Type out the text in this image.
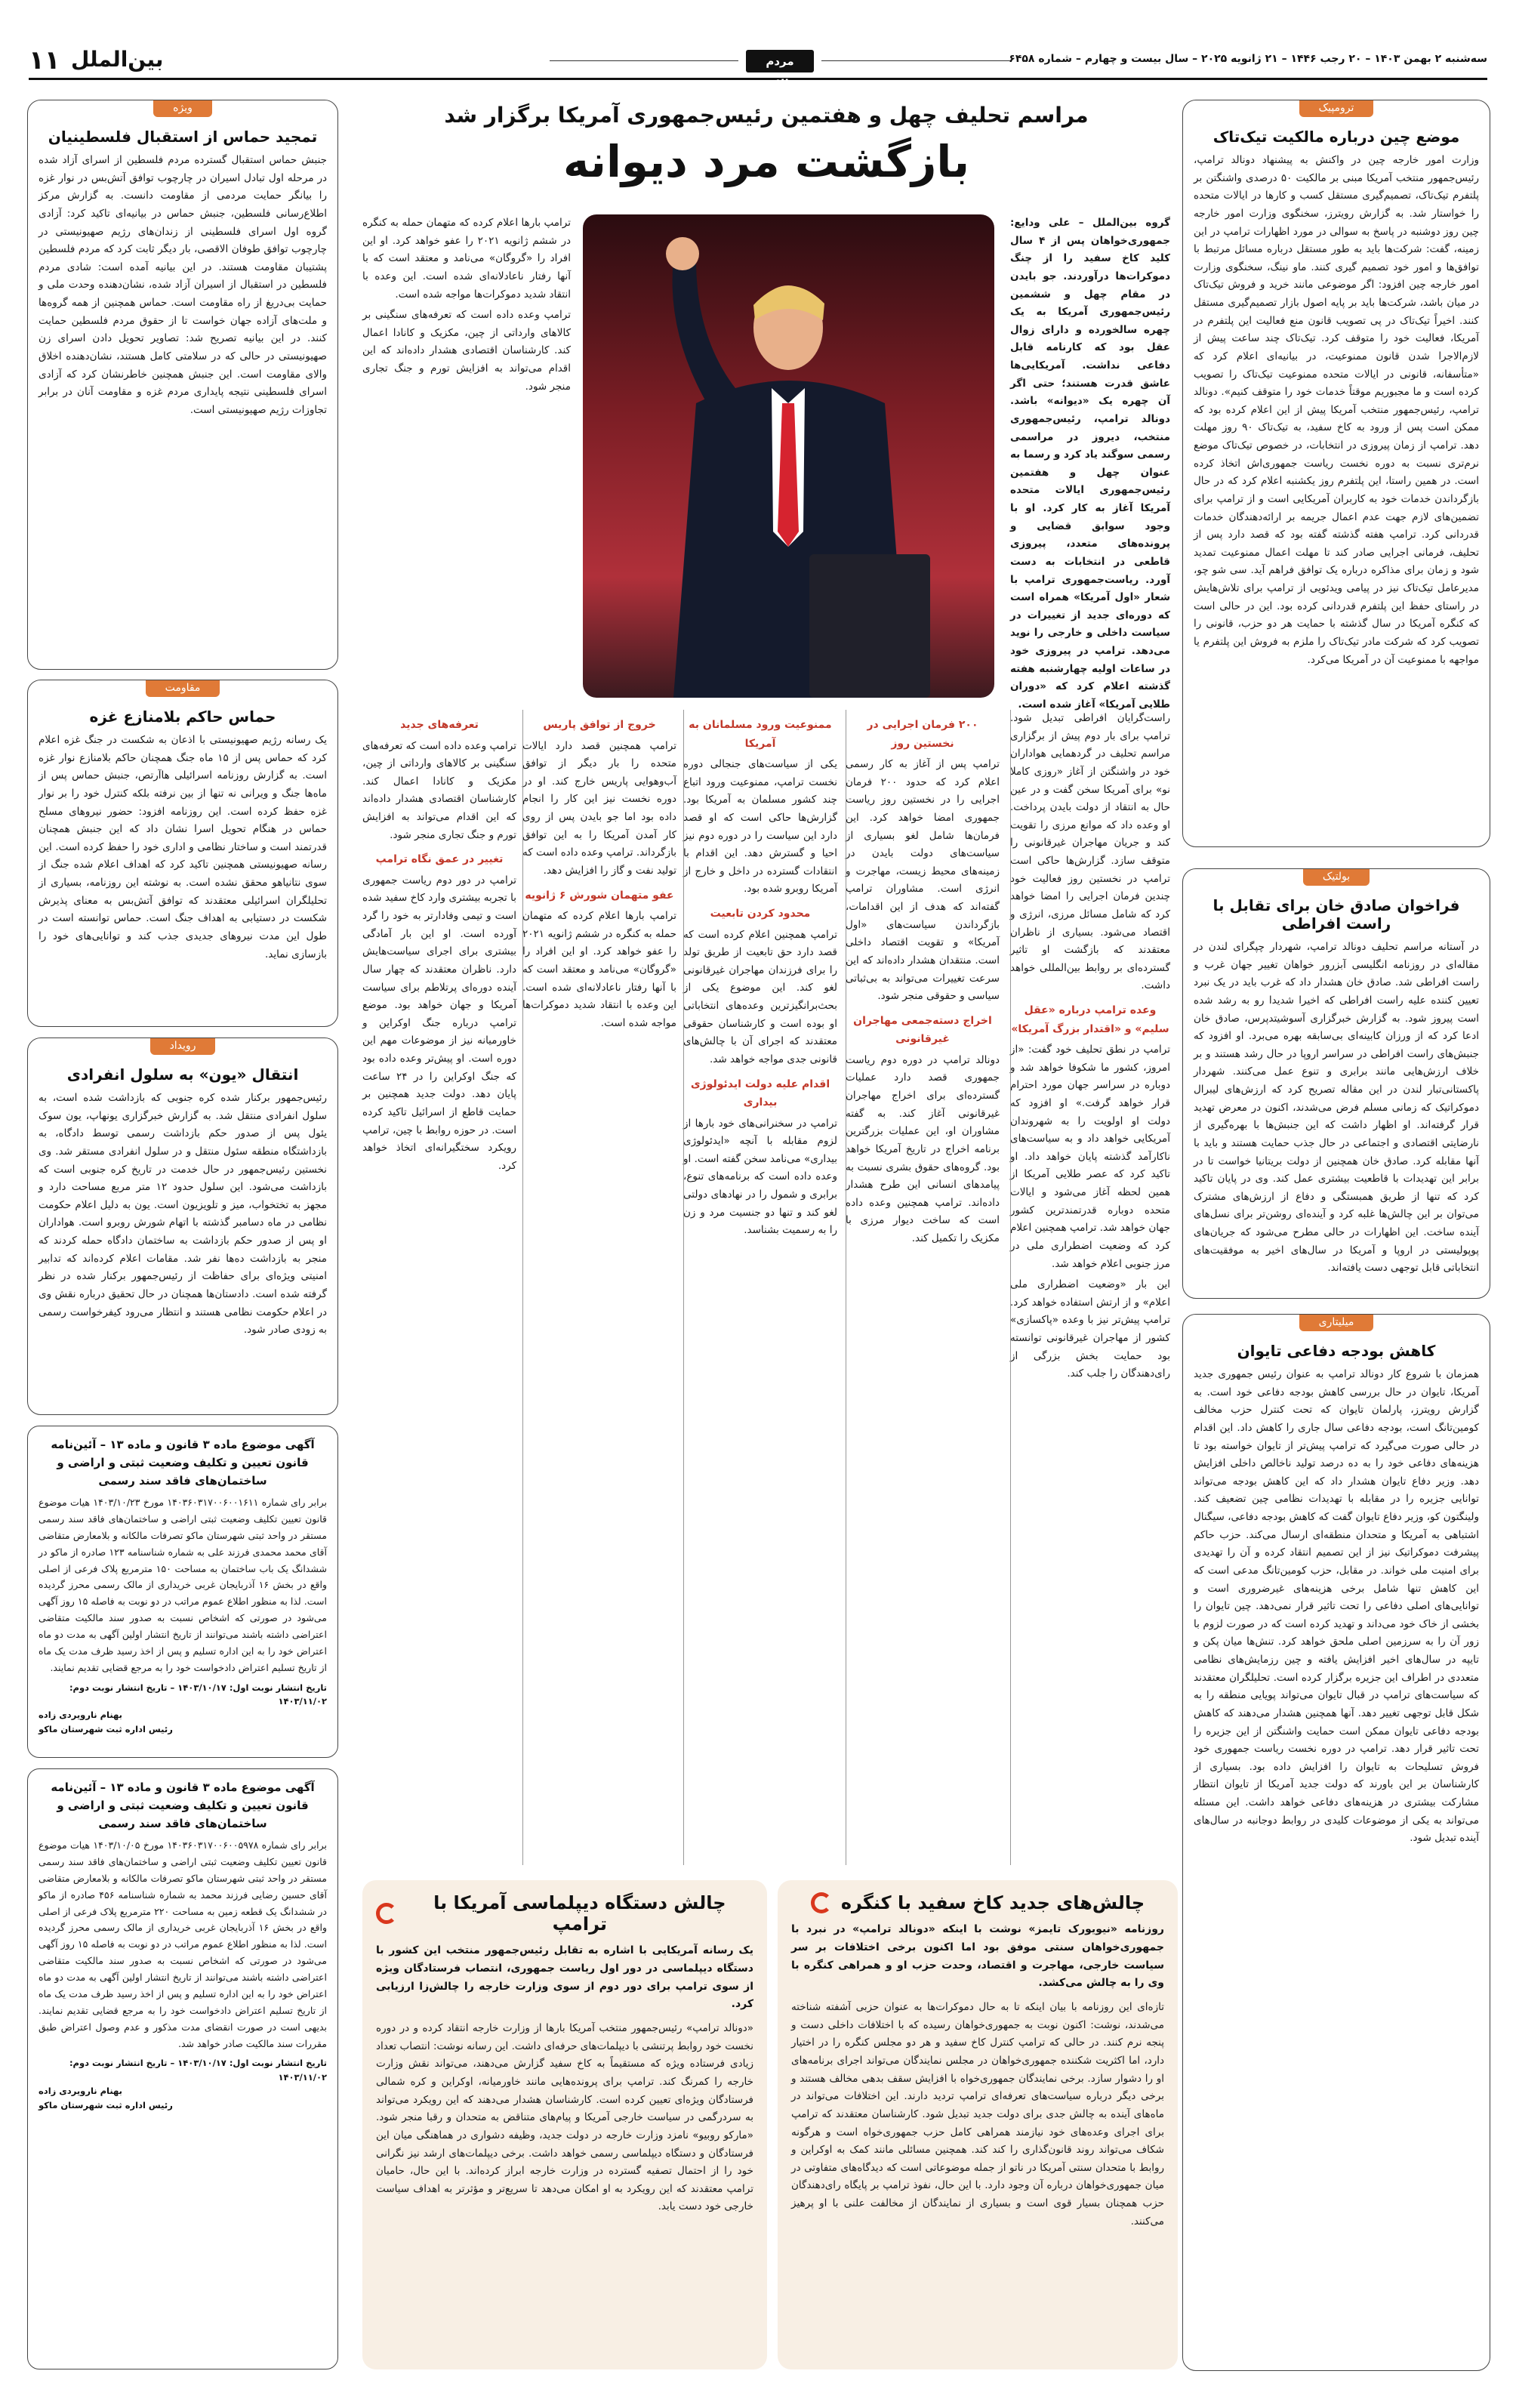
۱۱ بین‌الملل	مردم سالاری
سه‌شنبه ۲ بهمن ۱۴۰۳ – ۲۰ رجب ۱۴۴۶ – ۲۱ ژانویه ۲۰۲۵ – سال بیست و چهارم – شماره ۶۴۵۸
ترومپیک
موضع چین درباره مالکیت تیک‌تاک
وزارت امور خارجه چین در واکنش به پیشنهاد دونالد ترامپ، رئیس‌جمهور منتخب آمریکا مبنی بر مالکیت ۵۰ درصدی واشنگتن بر پلتفرم تیک‌تاک، تصمیم‌گیری مستقل کسب و کارها در ایالات متحده را خواستار شد. به گزارش رویترز، سخنگوی وزارت امور خارجه چین روز دوشنبه در پاسخ به سوالی در مورد اظهارات ترامپ در این زمینه، گفت: شرکت‌ها باید به طور مستقل درباره مسائل مرتبط با توافق‌ها و امور خود تصمیم گیری کنند. ماو نینگ، سخنگوی وزارت امور خارجه چین افزود: اگر موضوعی مانند خرید و فروش تیک‌تاک در میان باشد، شرکت‌ها باید بر پایه اصول بازار تصمیم‌گیری مستقل کنند. اخیراً تیک‌تاک در پی تصویب قانون منع فعالیت این پلتفرم در آمریکا، فعالیت خود را متوقف کرد. تیک‌تاک چند ساعت پیش از لازم‌الاجرا شدن قانون ممنوعیت، در بیانیه‌ای اعلام کرد که «متأسفانه، قانونی در ایالات متحده ممنوعیت تیک‌تاک را تصویب کرده است و ما مجبوریم موقتاً خدمات خود را متوقف کنیم». دونالد ترامپ، رئیس‌جمهور منتخب آمریکا پیش از این اعلام کرده بود که ممکن است پس از ورود به کاخ سفید، به تیک‌تاک ۹۰ روز مهلت دهد. ترامپ از زمان پیروزی در انتخابات، در خصوص تیک‌تاک موضع نرم‌تری نسبت به دوره نخست ریاست جمهوری‌اش اتخاذ کرده است. در همین راستا، این پلتفرم روز یکشنبه اعلام کرد که در حال بازگرداندن خدمات خود به کاربران آمریکایی است و از ترامپ برای تضمین‌های لازم جهت عدم اعمال جریمه بر ارائه‌دهندگان خدمات قدردانی کرد. ترامپ هفته گذشته گفته بود که قصد دارد پس از تحلیف، فرمانی اجرایی صادر کند تا مهلت اعمال ممنوعیت تمدید شود و زمان برای مذاکره درباره یک توافق فراهم آید. سی شو چو، مدیرعامل تیک‌تاک نیز در پیامی ویدئویی از ترامپ برای تلاش‌هایش در راستای حفظ این پلتفرم قدردانی کرده بود. این در حالی است که کنگره آمریکا در سال گذشته با حمایت هر دو حزب، قانونی را تصویب کرد که شرکت مادر تیک‌تاک را ملزم به فروش این پلتفرم یا مواجهه با ممنوعیت آن در آمریکا می‌کرد.
بولتیک
فراخوان صادق خان برای تقابل با راست افراطی
در آستانه مراسم تحلیف دونالد ترامپ، شهردار چپگرای لندن در مقاله‌ای در روزنامه انگلیسی آبزرور خواهان تغییر جهان غرب و راست افراطی شد. صادق خان هشدار داد که غرب باید در یک نبرد تعیین کننده علیه راست افراطی که اخیرا شدیدا رو به رشد شده است پیروز شود. به گزارش خبرگزاری آسوشیتدپرس، صادق خان ادعا کرد که از ورزان کابینه‌ای بی‌سابقه بهره می‌برد. او افزود که جنبش‌های راست افراطی در سراسر اروپا در حال رشد هستند و بر خلاف ارزش‌هایی مانند برابری و تنوع عمل می‌کنند. شهردار پاکستانی‌تبار لندن در این مقاله تصریح کرد که ارزش‌های لیبرال دموکراتیک که زمانی مسلم فرض می‌شدند، اکنون در معرض تهدید قرار گرفته‌اند. او اظهار داشت که این جنبش‌ها با بهره‌گیری از نارضایتی اقتصادی و اجتماعی در حال جذب حمایت هستند و باید با آنها مقابله کرد. صادق خان همچنین از دولت بریتانیا خواست تا در برابر این تهدیدات با قاطعیت بیشتری عمل کند. وی در پایان تاکید کرد که تنها از طریق همبستگی و دفاع از ارزش‌های مشترک می‌توان بر این چالش‌ها غلبه کرد و آینده‌ای روشن‌تر برای نسل‌های آینده ساخت. این اظهارات در حالی مطرح می‌شود که جریان‌های پوپولیستی در اروپا و آمریکا در سال‌های اخیر به موفقیت‌های انتخاباتی قابل توجهی دست یافته‌اند.
میلیتاری
کاهش بودجه دفاعی تایوان
همزمان با شروع کار دونالد ترامپ به عنوان رئیس جمهوری جدید آمریکا، تایوان در حال بررسی کاهش بودجه دفاعی خود است. به گزارش رویترز، پارلمان تایوان که تحت کنترل حزب مخالف کومین‌تانگ است، بودجه دفاعی سال جاری را کاهش داد. این اقدام در حالی صورت می‌گیرد که ترامپ پیش‌تر از تایوان خواسته بود تا هزینه‌های دفاعی خود را به ده درصد تولید ناخالص داخلی افزایش دهد. وزیر دفاع تایوان هشدار داد که این کاهش بودجه می‌تواند توانایی جزیره را در مقابله با تهدیدات نظامی چین تضعیف کند. ولینگتون کو، وزیر دفاع تایوان گفت که کاهش بودجه دفاعی، سیگنال اشتباهی به آمریکا و متحدان منطقه‌ای ارسال می‌کند. حزب حاکم پیشرفت دموکراتیک نیز از این تصمیم انتقاد کرده و آن را تهدیدی برای امنیت ملی خواند. در مقابل، حزب کومین‌تانگ مدعی است که این کاهش تنها شامل برخی هزینه‌های غیرضروری است و توانایی‌های اصلی دفاعی را تحت تاثیر قرار نمی‌دهد. چین تایوان را بخشی از خاک خود می‌داند و تهدید کرده است که در صورت لزوم با زور آن را به سرزمین اصلی ملحق خواهد کرد. تنش‌ها میان پکن و تایپه در سال‌های اخیر افزایش یافته و چین رزمایش‌های نظامی متعددی در اطراف این جزیره برگزار کرده است. تحلیلگران معتقدند که سیاست‌های ترامپ در قبال تایوان می‌تواند پویایی منطقه را به شکل قابل توجهی تغییر دهد. آنها همچنین هشدار می‌دهند که کاهش بودجه دفاعی تایوان ممکن است حمایت واشنگتن از این جزیره را تحت تاثیر قرار دهد. ترامپ در دوره نخست ریاست جمهوری خود فروش تسلیحات به تایوان را افزایش داده بود. بسیاری از کارشناسان بر این باورند که دولت جدید آمریکا از تایوان انتظار مشارکت بیشتری در هزینه‌های دفاعی خواهد داشت. این مسئله می‌تواند به یکی از موضوعات کلیدی در روابط دوجانبه در سال‌های آینده تبدیل شود.
مراسم تحلیف چهل و هفتمین رئیس‌جمهوری آمریکا برگزار شد
بازگشت مرد دیوانه

گروه بین‌الملل – علی ودایع: جمهوری‌خواهان پس از ۴ سال کلید کاخ سفید را از چنگ دموکرات‌ها درآوردند. جو بایدن در مقام چهل و ششمین رئیس‌جمهوری آمریکا به یک چهره سالخورده و دارای زوال عقل بود که کارنامه قابل دفاعی نداشت. آمریکایی‌ها عاشق قدرت هستند؛ حتی اگر آن چهره یک «دیوانه» باشد. دونالد ترامپ، رئیس‌جمهوری منتخب، دیروز در مراسمی رسمی سوگند یاد کرد و رسما به عنوان چهل و هفتمین رئیس‌جمهوری ایالات متحده آمریکا آغاز به کار کرد. او با وجود سوابق قضایی و پرونده‌های متعدد، پیروزی قاطعی در انتخابات به دست آورد. ریاست‌جمهوری ترامپ با شعار «اول آمریکا» همراه است که دوره‌ای جدید از تغییرات در سیاست داخلی و خارجی را نوید می‌دهد. ترامپ در پیروزی خود در ساعات اولیه چهارشنبه هفته گذشته اعلام کرد که «دوران طلایی آمریکا» آغاز شده است.

ترامپ بارها اعلام کرده که متهمان حمله به کنگره در ششم ژانویه ۲۰۲۱ را عفو خواهد کرد. او این افراد را «گروگان» می‌نامد و معتقد است که با آنها رفتار ناعادلانه‌ای شده است. این وعده با انتقاد شدید دموکرات‌ها مواجه شده است.

ترامپ وعده داده است که تعرفه‌های سنگینی بر کالاهای وارداتی از چین، مکزیک و کانادا اعمال کند. کارشناسان اقتصادی هشدار داده‌اند که این اقدام می‌تواند به افزایش تورم و جنگ تجاری منجر شود.

راست‌گرایان افراطی تبدیل شود. ترامپ برای بار دوم پیش از برگزاری مراسم تحلیف در گردهمایی هواداران خود در واشنگتن از آغاز «روزی کاملا نو» برای آمریکا سخن گفت و در عین حال به انتقاد از دولت بایدن پرداخت. او وعده داد که موانع مرزی را تقویت کند و جریان مهاجران غیرقانونی را متوقف سازد. گزارش‌ها حاکی است ترامپ در نخستین روز فعالیت خود چندین فرمان اجرایی را امضا خواهد کرد که شامل مسائل مرزی، انرژی و اقتصاد می‌شود. بسیاری از ناظران معتقدند که بازگشت او تاثیر گسترده‌ای بر روابط بین‌المللی خواهد داشت.

وعده ترامپ درباره «عقل سلیم» و «اقتدار بزرگ آمریکا»

ترامپ در نطق تحلیف خود گفت: «از امروز، کشور ما شکوفا خواهد شد و دوباره در سراسر جهان مورد احترام قرار خواهد گرفت.» او افزود که دولت او اولویت را به شهروندان آمریکایی خواهد داد و به سیاست‌های ناکارآمد گذشته پایان خواهد داد. او تاکید کرد که عصر طلایی آمریکا از همین لحظه آغاز می‌شود و ایالات متحده دوباره قدرتمندترین کشور جهان خواهد شد. ترامپ همچنین اعلام کرد که وضعیت اضطراری ملی در مرز جنوبی اعلام خواهد شد.

این بار «وضعیت اضطراری ملی اعلام» و از ارتش استفاده خواهد کرد. ترامپ پیش‌تر نیز با وعده «پاکسازی» کشور از مهاجران غیرقانونی توانسته بود حمایت بخش بزرگی از رای‌دهندگان را جلب کند.

۲۰۰ فرمان اجرایی در نخستین روز

ترامپ پس از آغاز به کار رسمی اعلام کرد که حدود ۲۰۰ فرمان اجرایی را در نخستین روز ریاست جمهوری امضا خواهد کرد. این فرمان‌ها شامل لغو بسیاری از سیاست‌های دولت بایدن در زمینه‌های محیط زیست، مهاجرت و انرژی است. مشاوران ترامپ گفته‌اند که هدف از این اقدامات، بازگرداندن سیاست‌های «اول آمریکا» و تقویت اقتصاد داخلی است. منتقدان هشدار داده‌اند که این سرعت تغییرات می‌تواند به بی‌ثباتی سیاسی و حقوقی منجر شود.

اخراج دسته‌جمعی مهاجران غیرقانونی

دونالد ترامپ در دوره دوم ریاست جمهوری قصد دارد عملیات گسترده‌ای برای اخراج مهاجران غیرقانونی آغاز کند. به گفته مشاوران او، این عملیات بزرگترین برنامه اخراج در تاریخ آمریکا خواهد بود. گروه‌های حقوق بشری نسبت به پیامدهای انسانی این طرح هشدار داده‌اند. ترامپ همچنین وعده داده است که ساخت دیوار مرزی با مکزیک را تکمیل کند.

ممنوعیت ورود مسلمانان به آمریکا

یکی از سیاست‌های جنجالی دوره نخست ترامپ، ممنوعیت ورود اتباع چند کشور مسلمان به آمریکا بود. گزارش‌ها حاکی است که او قصد دارد این سیاست را در دوره دوم نیز احیا و گسترش دهد. این اقدام با انتقادات گسترده در داخل و خارج از آمریکا روبرو شده بود.

محدود کردن تابعیت

ترامپ همچنین اعلام کرده است که قصد دارد حق تابعیت از طریق تولد را برای فرزندان مهاجران غیرقانونی لغو کند. این موضوع یکی از بحث‌برانگیزترین وعده‌های انتخاباتی او بوده است و کارشناسان حقوقی معتقدند که اجرای آن با چالش‌های قانونی جدی مواجه خواهد شد.

اقدام علیه دولت ایدئولوژی بیداری

ترامپ در سخنرانی‌های خود بارها از لزوم مقابله با آنچه «ایدئولوژی بیداری» می‌نامد سخن گفته است. او وعده داده است که برنامه‌های تنوع، برابری و شمول را در نهادهای دولتی لغو کند و تنها دو جنسیت مرد و زن را به رسمیت بشناسد.

خروج از توافق پاریس

ترامپ همچنین قصد دارد ایالات متحده را بار دیگر از توافق آب‌وهوایی پاریس خارج کند. او در دوره نخست نیز این کار را انجام داده بود اما جو بایدن پس از روی کار آمدن آمریکا را به این توافق بازگرداند. ترامپ وعده داده است که تولید نفت و گاز را افزایش دهد.

عفو متهمان شورش ۶ ژانویه

ترامپ بارها اعلام کرده که متهمان حمله به کنگره در ششم ژانویه ۲۰۲۱ را عفو خواهد کرد. او این افراد را «گروگان» می‌نامد و معتقد است که با آنها رفتار ناعادلانه‌ای شده است. این وعده با انتقاد شدید دموکرات‌ها مواجه شده است.

تعرفه‌های جدید

ترامپ وعده داده است که تعرفه‌های سنگینی بر کالاهای وارداتی از چین، مکزیک و کانادا اعمال کند. کارشناسان اقتصادی هشدار داده‌اند که این اقدام می‌تواند به افزایش تورم و جنگ تجاری منجر شود.

تغییر در عمق نگاه ترامپ

ترامپ در دور دوم ریاست جمهوری با تجربه بیشتری وارد کاخ سفید شده است و تیمی وفادارتر به خود را گرد آورده است. او این بار آمادگی بیشتری برای اجرای سیاست‌هایش دارد. ناظران معتقدند که چهار سال آینده دوره‌ای پرتلاطم برای سیاست آمریکا و جهان خواهد بود. موضع ترامپ درباره جنگ اوکراین و خاورمیانه نیز از موضوعات مهم این دوره است. او پیش‌تر وعده داده بود که جنگ اوکراین را در ۲۴ ساعت پایان دهد. دولت جدید همچنین بر حمایت قاطع از اسرائیل تاکید کرده است. در حوزه روابط با چین، ترامپ رویکرد سختگیرانه‌ای اتخاذ خواهد کرد.

ویژه
تمجید حماس از استقبال فلسطینیان
جنبش حماس استقبال گسترده مردم فلسطین از اسرای آزاد شده در مرحله اول تبادل اسیران در چارچوب توافق آتش‌بس در نوار غزه را بیانگر حمایت مردمی از مقاومت دانست. به گزارش مرکز اطلاع‌رسانی فلسطین، جنبش حماس در بیانیه‌ای تاکید کرد: آزادی گروه اول اسرای فلسطینی از زندان‌های رژیم صهیونیستی در چارچوب توافق طوفان الاقصی، بار دیگر ثابت کرد که مردم فلسطین پشتیبان مقاومت هستند. در این بیانیه آمده است: شادی مردم فلسطین در استقبال از اسیران آزاد شده، نشان‌دهنده وحدت ملی و حمایت بی‌دریغ از راه مقاومت است. حماس همچنین از همه گروه‌ها و ملت‌های آزاده جهان خواست تا از حقوق مردم فلسطین حمایت کنند. در این بیانیه تصریح شد: تصاویر تحویل دادن اسرای زن صهیونیستی در حالی که در سلامتی کامل هستند، نشان‌دهنده اخلاق والای مقاومت است. این جنبش همچنین خاطرنشان کرد که آزادی اسرای فلسطینی نتیجه پایداری مردم غزه و مقاومت آنان در برابر تجاوزات رژیم صهیونیستی است.
مقاومت
حماس حاکم بلامنازع غزه
یک رسانه رژیم صهیونیستی با اذعان به شکست در جنگ غزه اعلام کرد که حماس پس از ۱۵ ماه جنگ همچنان حاکم بلامنازع نوار غزه است. به گزارش روزنامه اسرائیلی هاآرتص، جنبش حماس پس از ماه‌ها جنگ و ویرانی نه تنها از بین نرفته بلکه کنترل خود را بر نوار غزه حفظ کرده است. این روزنامه افزود: حضور نیروهای مسلح حماس در هنگام تحویل اسرا نشان داد که این جنبش همچنان قدرتمند است و ساختار نظامی و اداری خود را حفظ کرده است. این رسانه صهیونیستی همچنین تاکید کرد که اهداف اعلام شده جنگ از سوی نتانیاهو محقق نشده است. به نوشته این روزنامه، بسیاری از تحلیلگران اسرائیلی معتقدند که توافق آتش‌بس به معنای پذیرش شکست در دستیابی به اهداف جنگ است. حماس توانسته است در طول این مدت نیروهای جدیدی جذب کند و توانایی‌های خود را بازسازی نماید.
رویداد
انتقال «یون» به سلول انفرادی
رئیس‌جمهور برکنار شده کره جنوبی که بازداشت شده است، به سلول انفرادی منتقل شد. به گزارش خبرگزاری یونهاپ، یون سوک یئول پس از صدور حکم بازداشت رسمی توسط دادگاه، به بازداشتگاه منطقه سئول منتقل و در سلول انفرادی مستقر شد. وی نخستین رئیس‌جمهور در حال خدمت در تاریخ کره جنوبی است که بازداشت می‌شود. این سلول حدود ۱۲ متر مربع مساحت دارد و مجهز به تختخواب، میز و تلویزیون است. یون به دلیل اعلام حکومت نظامی در ماه دسامبر گذشته با اتهام شورش روبرو است. هواداران او پس از صدور حکم بازداشت به ساختمان دادگاه حمله کردند که منجر به بازداشت ده‌ها نفر شد. مقامات اعلام کرده‌اند که تدابیر امنیتی ویژه‌ای برای حفاظت از رئیس‌جمهور برکنار شده در نظر گرفته شده است. دادستان‌ها همچنان در حال تحقیق درباره نقش وی در اعلام حکومت نظامی هستند و انتظار می‌رود کیفرخواست رسمی به زودی صادر شود.
آگهی موضوع ماده ۳ قانون و ماده ۱۳ – آئین‌نامه قانون تعیین و تکلیف وضعیت ثبتی و اراضی و ساختمان‌های فاقد سند رسمی
برابر رای شماره ۱۴۰۳۶۰۳۱۷۰۰۶۰۰۱۶۱۱ مورخ ۱۴۰۳/۱۰/۲۳ هیات موضوع قانون تعیین تکلیف وضعیت ثبتی اراضی و ساختمان‌های فاقد سند رسمی مستقر در واحد ثبتی شهرستان ماکو تصرفات مالکانه و بلامعارض متقاضی آقای محمد محمدی فرزند علی به شماره شناسنامه ۱۲۳ صادره از ماکو در ششدانگ یک باب ساختمان به مساحت ۱۵۰ مترمربع پلاک فرعی از اصلی واقع در بخش ۱۶ آذربایجان غربی خریداری از مالک رسمی محرز گردیده است. لذا به منظور اطلاع عموم مراتب در دو نوبت به فاصله ۱۵ روز آگهی می‌شود در صورتی که اشخاص نسبت به صدور سند مالکیت متقاضی اعتراضی داشته باشند می‌توانند از تاریخ انتشار اولین آگهی به مدت دو ماه اعتراض خود را به این اداره تسلیم و پس از اخذ رسید ظرف مدت یک ماه از تاریخ تسلیم اعتراض دادخواست خود را به مرجع قضایی تقدیم نمایند.
تاریخ انتشار نوبت اول: ۱۴۰۳/۱۰/۱۷ – تاریخ انتشار نوبت دوم: ۱۴۰۳/۱۱/۰۲
بهنام نارویردی زاده
رئیس اداره ثبت شهرستان ماکو
آگهی موضوع ماده ۳ قانون و ماده ۱۳ – آئین‌نامه قانون تعیین و تکلیف وضعیت ثبتی و اراضی و ساختمان‌های فاقد سند رسمی
برابر رای شماره ۱۴۰۳۶۰۳۱۷۰۰۶۰۰۵۹۷۸ مورخ ۱۴۰۳/۱۰/۰۵ هیات موضوع قانون تعیین تکلیف وضعیت ثبتی اراضی و ساختمان‌های فاقد سند رسمی مستقر در واحد ثبتی شهرستان ماکو تصرفات مالکانه و بلامعارض متقاضی آقای حسین رضایی فرزند محمد به شماره شناسنامه ۴۵۶ صادره از ماکو در ششدانگ یک قطعه زمین به مساحت ۲۲۰ مترمربع پلاک فرعی از اصلی واقع در بخش ۱۶ آذربایجان غربی خریداری از مالک رسمی محرز گردیده است. لذا به منظور اطلاع عموم مراتب در دو نوبت به فاصله ۱۵ روز آگهی می‌شود در صورتی که اشخاص نسبت به صدور سند مالکیت متقاضی اعتراضی داشته باشند می‌توانند از تاریخ انتشار اولین آگهی به مدت دو ماه اعتراض خود را به این اداره تسلیم و پس از اخذ رسید ظرف مدت یک ماه از تاریخ تسلیم اعتراض دادخواست خود را به مرجع قضایی تقدیم نمایند. بدیهی است در صورت انقضای مدت مذکور و عدم وصول اعتراض طبق مقررات سند مالکیت صادر خواهد شد.
تاریخ انتشار نوبت اول: ۱۴۰۳/۱۰/۱۷ – تاریخ انتشار نوبت دوم: ۱۴۰۳/۱۱/۰۲
بهنام نارویردی زاده
رئیس اداره ثبت شهرستان ماکو
چالش‌های جدید کاخ سفید با کنگره
روزنامه «نیویورک تایمز» نوشت با اینکه «دونالد ترامپ» در نبرد با جمهوری‌خواهان سنتی موفق بود اما اکنون برخی اختلافات بر سر سیاست خارجی، مهاجرت و اقتصاد، وحدت حزب او و همراهی کنگره با وی را به چالش می‌کشد.
تازه‌ای این روزنامه با بیان اینکه تا به حال دموکرات‌ها به عنوان حزبی آشفته شناخته می‌شدند، نوشت: اکنون نوبت به جمهوری‌خواهان رسیده که با اختلافات داخلی دست و پنجه نرم کنند. در حالی که ترامپ کنترل کاخ سفید و هر دو مجلس کنگره را در اختیار دارد، اما اکثریت شکننده جمهوری‌خواهان در مجلس نمایندگان می‌تواند اجرای برنامه‌های او را دشوار سازد. برخی نمایندگان جمهوری‌خواه با افزایش سقف بدهی مخالف هستند و برخی دیگر درباره سیاست‌های تعرفه‌ای ترامپ تردید دارند. این اختلافات می‌تواند در ماه‌های آینده به چالش جدی برای دولت جدید تبدیل شود. کارشناسان معتقدند که ترامپ برای اجرای وعده‌های خود نیازمند همراهی کامل حزب جمهوری‌خواه است و هرگونه شکاف می‌تواند روند قانون‌گذاری را کند کند. همچنین مسائلی مانند کمک به اوکراین و روابط با متحدان سنتی آمریکا در ناتو از جمله موضوعاتی است که دیدگاه‌های متفاوتی در میان جمهوری‌خواهان درباره آن وجود دارد. با این حال، نفوذ ترامپ بر پایگاه رای‌دهندگان حزب همچنان بسیار قوی است و بسیاری از نمایندگان از مخالفت علنی با او پرهیز می‌کنند.
چالش دستگاه دیپلماسی آمریکا با ترامپ
یک رسانه آمریکایی با اشاره به تقابل رئیس‌جمهور منتخب این کشور با دستگاه دیپلماسی در دور اول ریاست جمهوری، انتصاب فرستادگان ویژه از سوی ترامپ برای دور دوم از سوی وزارت خارجه را چالش‌زا ارزیابی کرد.
«دونالد ترامپ» رئیس‌جمهور منتخب آمریکا بارها از وزارت خارجه انتقاد کرده و در دوره نخست خود روابط پرتنشی با دیپلمات‌های حرفه‌ای داشت. این رسانه نوشت: انتصاب تعداد زیادی فرستاده ویژه که مستقیماً به کاخ سفید گزارش می‌دهند، می‌تواند نقش وزارت خارجه را کمرنگ کند. ترامپ برای پرونده‌هایی مانند خاورمیانه، اوکراین و کره شمالی فرستادگان ویژه‌ای تعیین کرده است. کارشناسان هشدار می‌دهند که این رویکرد می‌تواند به سردرگمی در سیاست خارجی آمریکا و پیام‌های متناقض به متحدان و رقبا منجر شود. «مارکو روبیو» نامزد وزارت خارجه در دولت جدید، وظیفه دشواری در هماهنگی میان این فرستادگان و دستگاه دیپلماسی رسمی خواهد داشت. برخی دیپلمات‌های ارشد نیز نگرانی خود را از احتمال تصفیه گسترده در وزارت خارجه ابراز کرده‌اند. با این حال، حامیان ترامپ معتقدند که این رویکرد به او امکان می‌دهد تا سریع‌تر و مؤثرتر به اهداف سیاست خارجی خود دست یابد.
